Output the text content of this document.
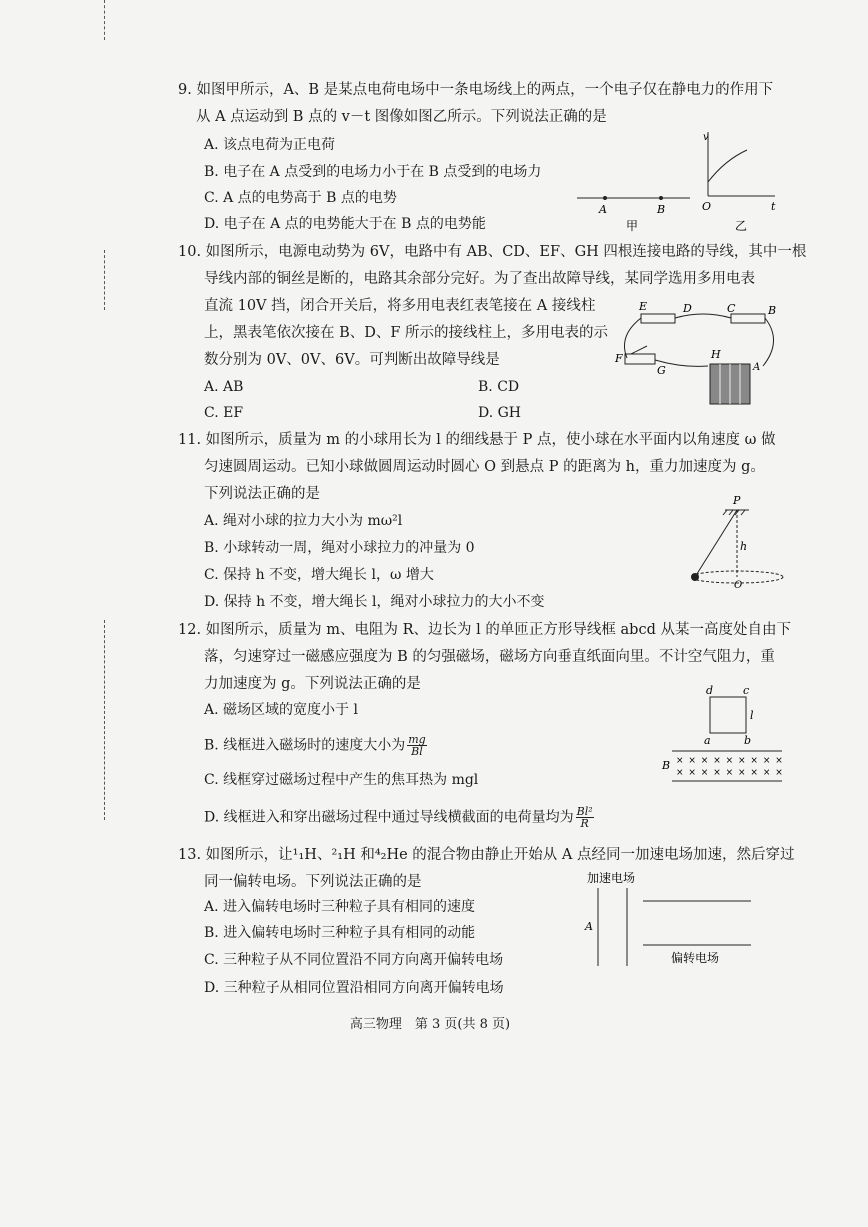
9. 如图甲所示，A、B 是某点电荷电场中一条电场线上的两点，一个电子仅在静电力的作用下
从 A 点运动到 B 点的 v－t 图像如图乙所示。下列说法正确的是
A. 该点电荷为正电荷
B. 电子在 A 点受到的电场力小于在 B 点受到的电场力
C. A 点的电势高于 B 点的电势
D. 电子在 A 点的电势能大于在 B 点的电势能
A	B
甲
v
O	t
乙
10. 如图所示，电源电动势为 6V，电路中有 AB、CD、EF、GH 四根连接电路的导线，其中一根
导线内部的铜丝是断的，电路其余部分完好。为了查出故障导线，某同学选用多用电表
直流 10V 挡，闭合开关后，将多用电表红表笔接在 A 接线柱
上，黑表笔依次接在 B、D、F 所示的接线柱上，多用电表的示
数分别为 0V、0V、6V。可判断出故障导线是
A. AB	B. CD
C. EF	D. GH
E	D	C	B
F
G
H
A
11. 如图所示，质量为 m 的小球用长为 l 的细线悬于 P 点，使小球在水平面内以角速度 ω 做
匀速圆周运动。已知小球做圆周运动时圆心 O 到悬点 P 的距离为 h，重力加速度为 g。
下列说法正确的是
A. 绳对小球的拉力大小为 mω²l
B. 小球转动一周，绳对小球拉力的冲量为 0
C. 保持 h 不变，增大绳长 l，ω 增大
D. 保持 h 不变，增大绳长 l，绳对小球拉力的大小不变
P
h
O
12. 如图所示，质量为 m、电阻为 R、边长为 l 的单匝正方形导线框 abcd 从某一高度处自由下
落，匀速穿过一磁感应强度为 B 的匀强磁场，磁场方向垂直纸面向里。不计空气阻力，重
力加速度为 g。下列说法正确的是
A. 磁场区域的宽度小于 l
B. 线框进入磁场时的速度大小为 $\frac{mg}{Bl}$
C. 线框穿过磁场过程中产生的焦耳热为 mgl
D. 线框进入和穿出磁场过程中通过导线横截面的电荷量均为 $\frac{\text{Bl²}}{R}$
d	c
a	b
l
× × × × × × × × ×
× × × × × × × × ×
B
13. 如图所示，让¹₁H、²₁H 和⁴₂He 的混合物由静止开始从 A 点经同一加速电场加速，然后穿过
同一偏转电场。下列说法正确的是
A. 进入偏转电场时三种粒子具有相同的速度
B. 进入偏转电场时三种粒子具有相同的动能
C. 三种粒子从不同位置沿不同方向离开偏转电场
D. 三种粒子从相同位置沿相同方向离开偏转电场
加速电场
A
偏转电场
高三物理　第 3 页(共 8 页)
